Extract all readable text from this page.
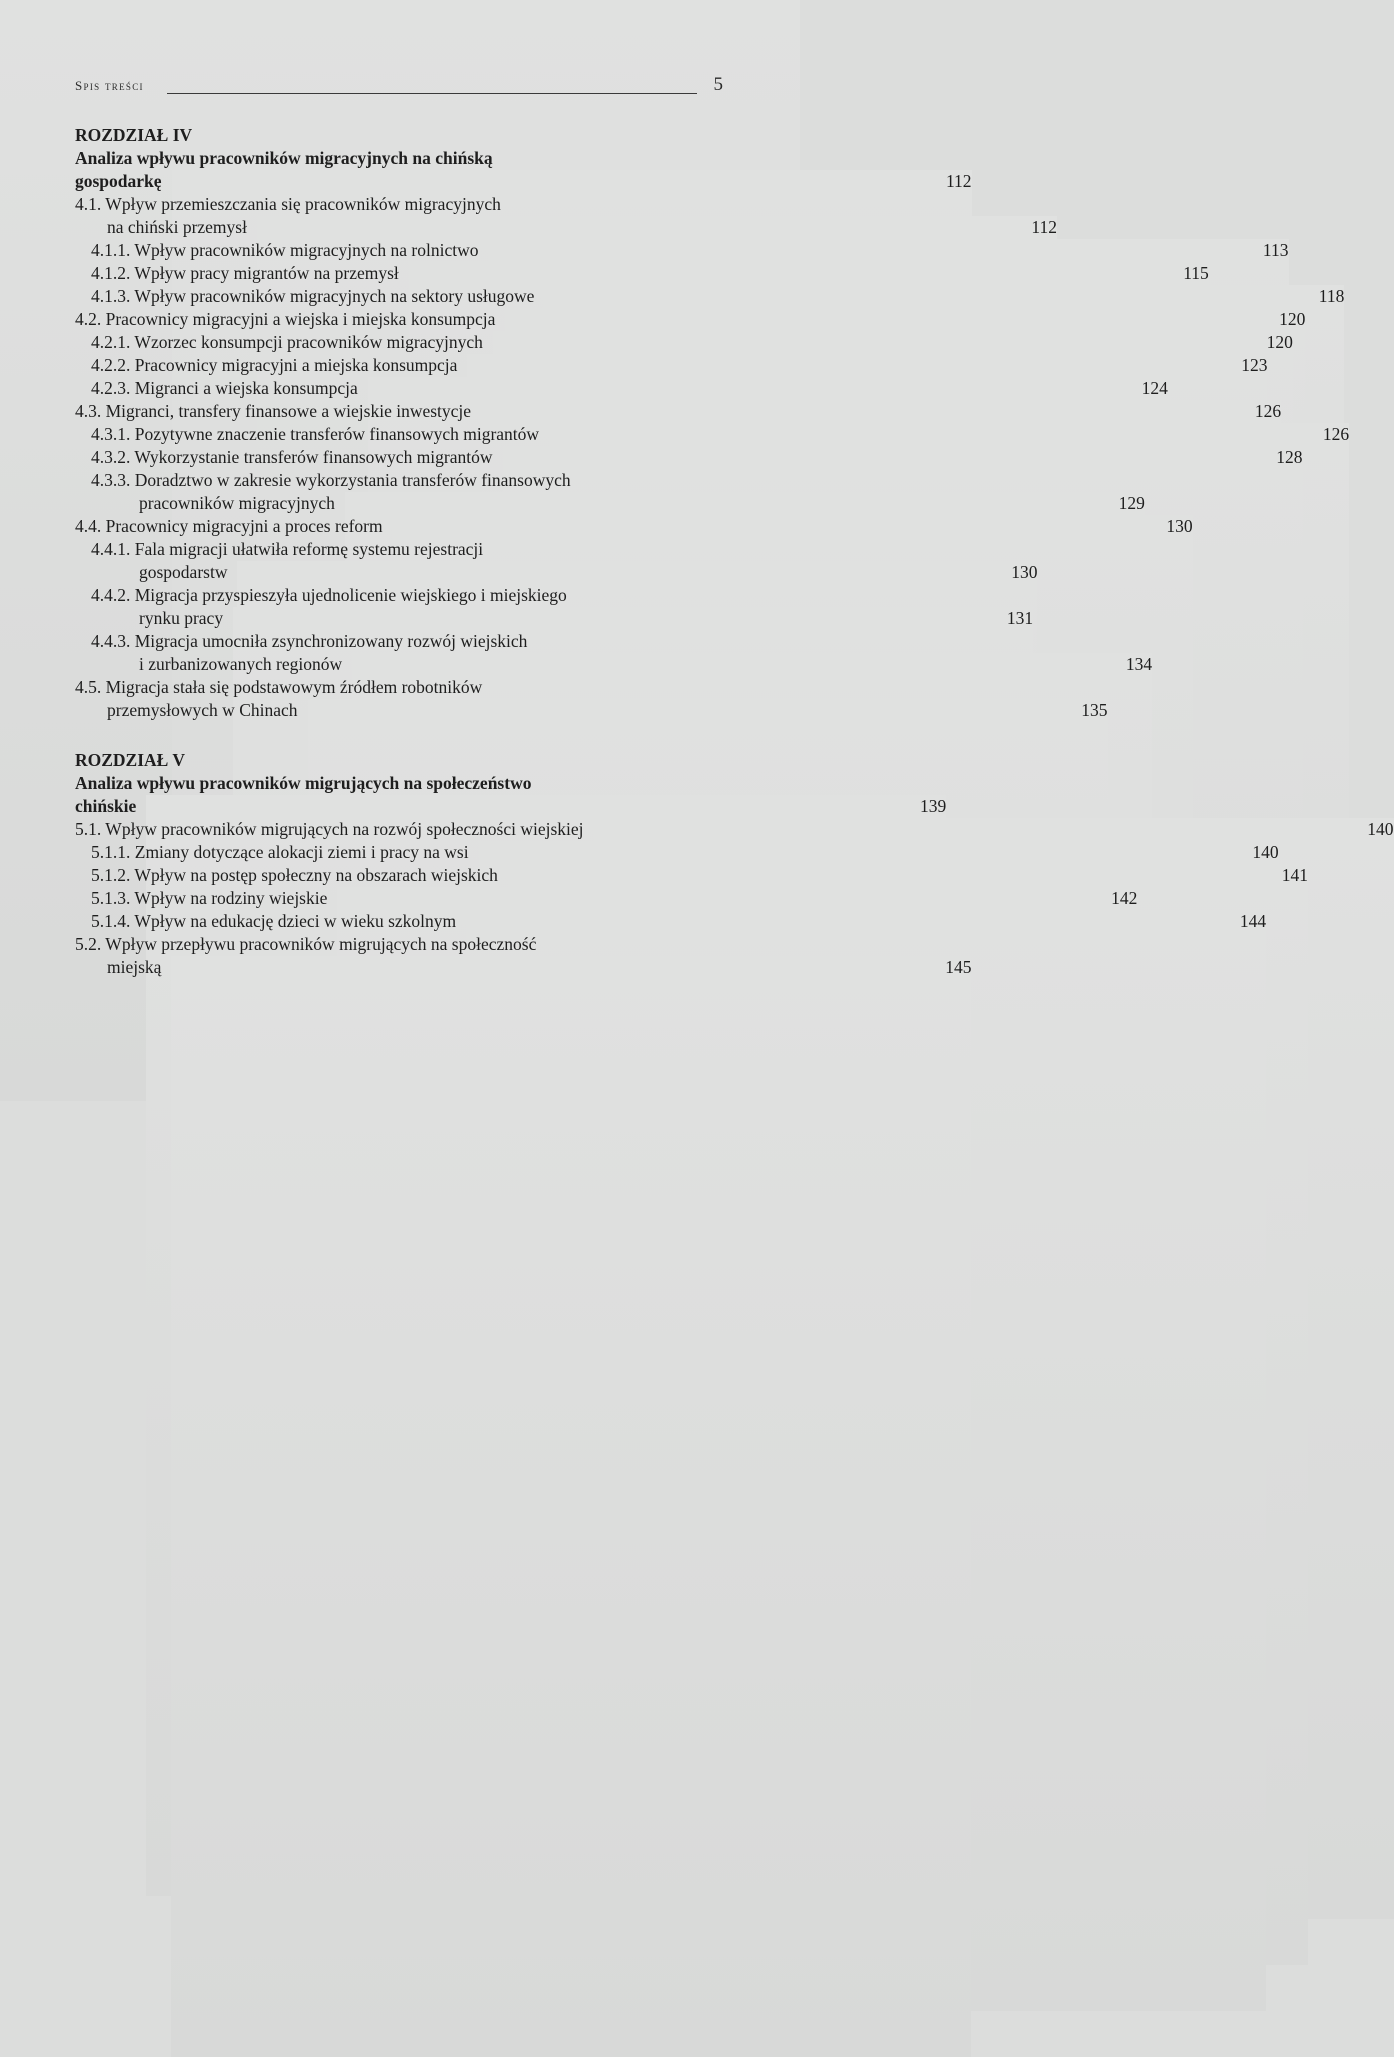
Spis treści	5
ROZDZIAŁ IV
Analiza wpływu pracowników migracyjnych na chińską
gospodarkę	112
4.1. Wpływ przemieszczania się pracowników migracyjnych
na chiński przemysł	112
4.1.1. Wpływ pracowników migracyjnych na rolnictwo	113
4.1.2. Wpływ pracy migrantów na przemysł	115
4.1.3. Wpływ pracowników migracyjnych na sektory usługowe	118
4.2. Pracownicy migracyjni a wiejska i miejska konsumpcja	120
4.2.1. Wzorzec konsumpcji pracowników migracyjnych	120
4.2.2. Pracownicy migracyjni a miejska konsumpcja	123
4.2.3. Migranci a wiejska konsumpcja	124
4.3. Migranci, transfery finansowe a wiejskie inwestycje	126
4.3.1. Pozytywne znaczenie transferów finansowych migrantów	126
4.3.2. Wykorzystanie transferów finansowych migrantów	128
4.3.3. Doradztwo w zakresie wykorzystania transferów finansowych
pracowników migracyjnych	129
4.4. Pracownicy migracyjni a proces reform	130
4.4.1. Fala migracji ułatwiła reformę systemu rejestracji
gospodarstw	130
4.4.2. Migracja przyspieszyła ujednolicenie wiejskiego i miejskiego
rynku pracy	131
4.4.3. Migracja umocniła zsynchronizowany rozwój wiejskich
i zurbanizowanych regionów	134
4.5. Migracja stała się podstawowym źródłem robotników
przemysłowych w Chinach	135
ROZDZIAŁ V
Analiza wpływu pracowników migrujących na społeczeństwo
chińskie	139
5.1. Wpływ pracowników migrujących na rozwój społeczności wiejskiej	140
5.1.1. Zmiany dotyczące alokacji ziemi i pracy na wsi	140
5.1.2. Wpływ na postęp społeczny na obszarach wiejskich	141
5.1.3. Wpływ na rodziny wiejskie	142
5.1.4. Wpływ na edukację dzieci w wieku szkolnym	144
5.2. Wpływ przepływu pracowników migrujących na społeczność
miejską	145
